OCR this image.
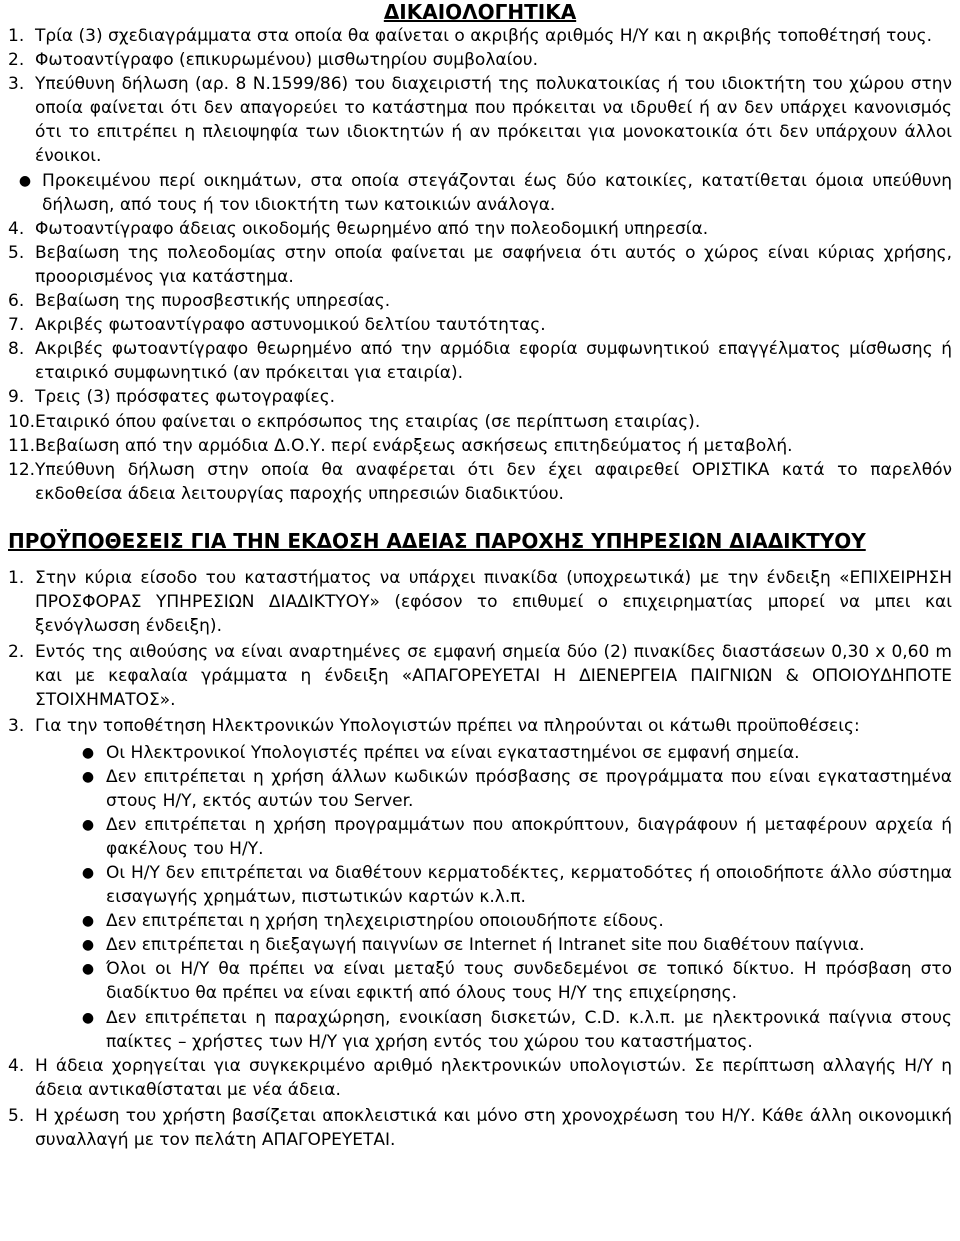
ΔΙΚΑΙΟΛΟΓΗΤΙΚΑ
1. Τρία (3) σχεδιαγράμματα στα οποία θα φαίνεται ο ακριβής αριθμός Η/Υ και η ακριβής τοποθέτησή τους.
2. Φωτοαντίγραφο (επικυρωμένου) μισθωτηρίου συμβολαίου.
3. Υπεύθυνη δήλωση (αρ. 8 Ν.1599/86) του διαχειριστή της πολυκατοικίας ή του ιδιοκτήτη του χώρου στην οποία φαίνεται ότι δεν απαγορεύει το κατάστημα που πρόκειται να ιδρυθεί ή αν δεν υπάρχει κανονισμός ότι το επιτρέπει η πλειοψηφία των ιδιοκτητών ή αν πρόκειται για μονοκατοικία ότι δεν υπάρχουν άλλοι ένοικοι.
● Προκειμένου περί οικημάτων, στα οποία στεγάζονται έως δύο κατοικίες, κατατίθεται όμοια υπεύθυνη δήλωση, από τους ή τον ιδιοκτήτη των κατοικιών ανάλογα.
4. Φωτοαντίγραφο άδειας οικοδομής θεωρημένο από την πολεοδομική υπηρεσία.
5. Βεβαίωση της πολεοδομίας στην οποία φαίνεται με σαφήνεια ότι αυτός ο χώρος είναι κύριας χρήσης, προορισμένος για κατάστημα.
6. Βεβαίωση της πυροσβεστικής υπηρεσίας.
7. Ακριβές φωτοαντίγραφο αστυνομικού δελτίου ταυτότητας.
8. Ακριβές φωτοαντίγραφο θεωρημένο από την αρμόδια εφορία συμφωνητικού επαγγέλματος μίσθωσης ή εταιρικό συμφωνητικό (αν πρόκειται για εταιρία).
9. Τρεις (3) πρόσφατες φωτογραφίες.
10. Εταιρικό όπου φαίνεται ο εκπρόσωπος της εταιρίας (σε περίπτωση εταιρίας).
11. Βεβαίωση από την αρμόδια Δ.Ο.Υ. περί ενάρξεως ασκήσεως επιτηδεύματος ή μεταβολή.
12. Υπεύθυνη δήλωση στην οποία θα αναφέρεται ότι δεν έχει αφαιρεθεί ΟΡΙΣΤΙΚΑ κατά το παρελθόν εκδοθείσα άδεια λειτουργίας παροχής υπηρεσιών διαδικτύου.
ΠΡΟΫΠΟΘΕΣΕΙΣ ΓΙΑ ΤΗΝ ΕΚΔΟΣΗ ΑΔΕΙΑΣ ΠΑΡΟΧΗΣ ΥΠΗΡΕΣΙΩΝ ΔΙΑΔΙΚΤΥΟΥ
1. Στην κύρια είσοδο του καταστήματος να υπάρχει πινακίδα (υποχρεωτικά) με την ένδειξη «ΕΠΙΧΕΙΡΗΣΗ ΠΡΟΣΦΟΡΑΣ ΥΠΗΡΕΣΙΩΝ ΔΙΑΔΙΚΤΥΟΥ» (εφόσον το επιθυμεί ο επιχειρηματίας μπορεί να μπει και ξενόγλωσση ένδειξη).
2. Εντός της αιθούσης να είναι αναρτημένες σε εμφανή σημεία δύο (2) πινακίδες διαστάσεων 0,30 x 0,60 m και με κεφαλαία γράμματα η ένδειξη «ΑΠΑΓΟΡΕΥΕΤΑΙ Η ΔΙΕΝΕΡΓΕΙΑ ΠΑΙΓΝΙΩΝ & ΟΠΟΙΟΥΔΗΠΟΤΕ ΣΤΟΙΧΗΜΑΤΟΣ».
3. Για την τοποθέτηση Ηλεκτρονικών Υπολογιστών πρέπει να πληρούνται οι κάτωθι προϋποθέσεις:
● Οι Ηλεκτρονικοί Υπολογιστές πρέπει να είναι εγκαταστημένοι σε εμφανή σημεία.
● Δεν επιτρέπεται η χρήση άλλων κωδικών πρόσβασης σε προγράμματα που είναι εγκαταστημένα στους Η/Υ, εκτός αυτών του Server.
● Δεν επιτρέπεται η χρήση προγραμμάτων που αποκρύπτουν, διαγράφουν ή μεταφέρουν αρχεία ή φακέλους του Η/Υ.
● Οι Η/Υ δεν επιτρέπεται να διαθέτουν κερματοδέκτες, κερματοδότες ή οποιοδήποτε άλλο σύστημα εισαγωγής χρημάτων, πιστωτικών καρτών κ.λ.π.
● Δεν επιτρέπεται η χρήση τηλεχειριστηρίου οποιουδήποτε είδους.
● Δεν επιτρέπεται η διεξαγωγή παιγνίων σε Internet ή Intranet site που διαθέτουν παίγνια.
● Όλοι οι Η/Υ θα πρέπει να είναι μεταξύ τους συνδεδεμένοι σε τοπικό δίκτυο. Η πρόσβαση στο διαδίκτυο θα πρέπει να είναι εφικτή από όλους τους Η/Υ της επιχείρησης.
● Δεν επιτρέπεται η παραχώρηση, ενοικίαση δισκετών, C.D. κ.λ.π. με ηλεκτρονικά παίγνια στους παίκτες – χρήστες των Η/Υ για χρήση εντός του χώρου του καταστήματος.
4. Η άδεια χορηγείται για συγκεκριμένο αριθμό ηλεκτρονικών υπολογιστών. Σε περίπτωση αλλαγής Η/Υ η άδεια αντικαθίσταται με νέα άδεια.
5. Η χρέωση του χρήστη βασίζεται αποκλειστικά και μόνο στη χρονοχρέωση του Η/Υ. Κάθε άλλη οικονομική συναλλαγή με τον πελάτη ΑΠΑΓΟΡΕΥΕΤΑΙ.
